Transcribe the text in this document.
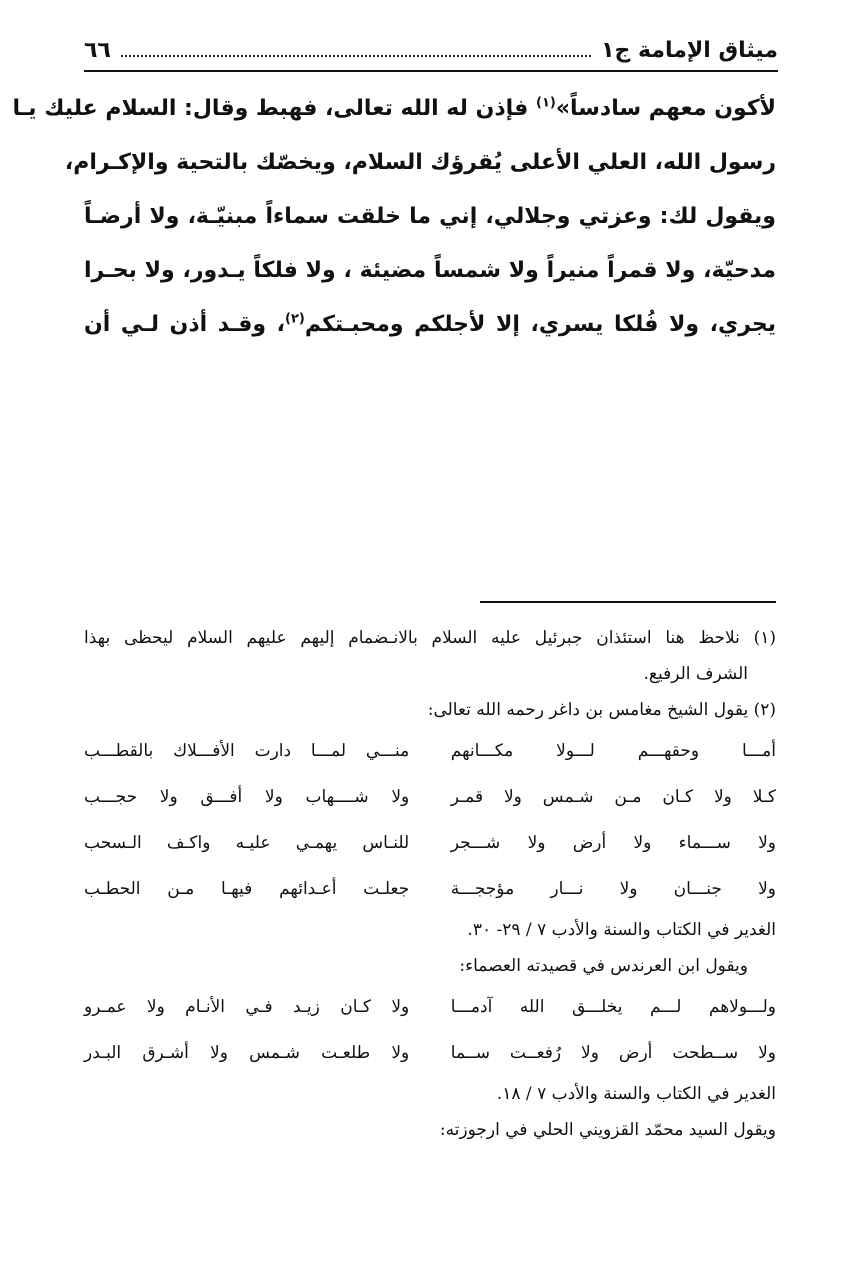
ميثاق الإمامة ج١
٦٦
لأكون معهم سادساً»$^{(١)}$ فإذن له الله تعالى، فهبط وقال: السلام عليك يـا
رسول الله، العلي الأعلى يُقرؤك السلام، ويخصّك بالتحية والإكـرام،
ويقول لك: وعزتي وجلالي، إني ما خلقت سماءاً مبنيّـة، ولا أرضـاً
مدحيّة، ولا قمراً منيراً ولا شمساً مضيئة ، ولا فلكاً يـدور، ولا بحـرا
يجري، ولا فُلكا يسري، إلا لأجلكم ومحبـتكم$^{(٢)}$، وقـد أذن لـي أن
(١) نلاحظ هنا استئذان جبرئيل عليه السلام بالانـضمام إليهم عليهم السلام ليحظى بهذا
الشرف الرفيع.
(٢) يقول الشيخ مغامس بن داغر رحمه الله تعالى:
أمـــا وحقهـــم لـــولا مكـــانهم
منـــي لمـــا دارت الأفـــلاك بالقطـــب
كـلا ولا كـان مـن شـمس ولا قمـر
ولا شــــهاب ولا أفـــق ولا حجـــب
ولا ســـماء ولا أرض ولا شـــجر
للنـاس يهمـي عليـه واكـف الـسحب
ولا جنـــان ولا نـــار مؤججـــة
جعلـت أعـدائهم فيهـا مـن الحطـب
الغدير في الكتاب والسنة والأدب ٧ / ٢٩- ٣٠.
ويقول ابن العرندس في قصيدته العصماء:
ولـــولاهم لـــم يخلـــق الله آدمـــا
ولا كـان زيـد فـي الأنـام ولا عمـرو
ولا ســطحت أرض ولا رُفعــت ســما
ولا طلعـت شـمس ولا أشـرق البـدر
الغدير في الكتاب والسنة والأدب ٧ / ١٨.
ويقول السيد محمّد القزويني الحلي في ارجوزته:
